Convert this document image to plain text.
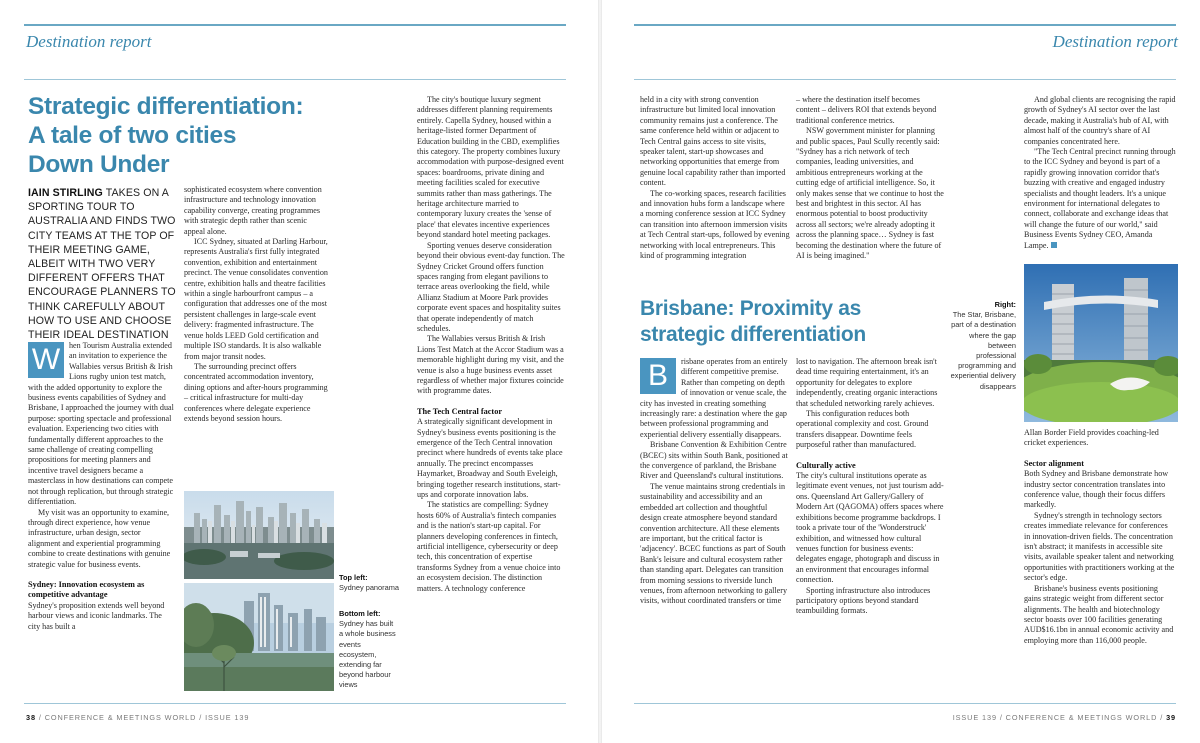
Destination report
Strategic differentiation:
A tale of two cities
Down Under
IAIN STIRLING TAKES ON A SPORTING TOUR TO AUSTRALIA AND FINDS TWO CITY TEAMS AT THE TOP OF THEIR MEETING GAME, ALBEIT WITH TWO VERY DIFFERENT OFFERS THAT ENCOURAGE PLANNERS TO THINK CAREFULLY ABOUT HOW TO USE AND CHOOSE THEIR IDEAL DESTINATION

W	hen Tourism Australia extended an invitation to experience the Wallabies versus British & Irish Lions rugby union test match, with the added opportunity to explore the business events capabilities of Sydney and Brisbane, I approached the journey with dual purpose: sporting spectacle and professional evaluation. Experiencing two cities with fundamentally different approaches to the same challenge of creating compelling propositions for meeting planners and incentive travel designers became a masterclass in how destinations can compete not through replication, but through strategic differentiation.

My visit was an opportunity to examine, through direct experience, how venue infrastructure, urban design, sector alignment and experiential programming combine to create destinations with genuine strategic value for business events.

Sydney: Innovation ecosystem as competitive advantage

Sydney's proposition extends well beyond harbour views and iconic landmarks. The city has built a

sophisticated ecosystem where convention infrastructure and technology innovation capability converge, creating programmes with strategic depth rather than scenic appeal alone.

ICC Sydney, situated at Darling Harbour, represents Australia's first fully integrated convention, exhibition and entertainment precinct. The venue consolidates convention centre, exhibition halls and theatre facilities within a single harbourfront campus – a configuration that addresses one of the most persistent challenges in large-scale event delivery: fragmented infrastructure. The venue holds LEED Gold certification and multiple ISO standards. It is also walkable from major transit nodes.

The surrounding precinct offers concentrated accommodation inventory, dining options and after-hours programming – critical infrastructure for multi-day conferences where delegate experience extends beyond session hours.

Top left:
Sydney panorama
Bottom left:
Sydney has built a whole business events ecosystem, extending far beyond harbour views

The city's boutique luxury segment addresses different planning requirements entirely. Capella Sydney, housed within a heritage-listed former Department of Education building in the CBD, exemplifies this category. The property combines luxury accommodation with purpose-designed event spaces: boardrooms, private dining and meeting facilities scaled for executive summits rather than mass gatherings. The heritage architecture married to contemporary luxury creates the 'sense of place' that elevates incentive experiences beyond standard hotel meeting packages.

Sporting venues deserve consideration beyond their obvious event-day function. The Sydney Cricket Ground offers function spaces ranging from elegant pavilions to terrace areas overlooking the field, while Allianz Stadium at Moore Park provides corporate event spaces and hospitality suites that operate independently of match schedules.

The Wallabies versus British & Irish Lions Test Match at the Accor Stadium was a memorable highlight during my visit, and the venue is also a huge business events asset regardless of whether major fixtures coincide with programme dates.

The Tech Central factor

A strategically significant development in Sydney's business events positioning is the emergence of the Tech Central innovation precinct where hundreds of events take place annually. The precinct encompasses Haymarket, Broadway and South Eveleigh, bringing together research institutions, start-ups and corporate innovation labs.

The statistics are compelling: Sydney hosts 60% of Australia's fintech companies and is the nation's start-up capital. For planners developing conferences in fintech, artificial intelligence, cybersecurity or deep tech, this concentration of expertise transforms Sydney from a venue choice into an ecosystem decision. The distinction matters. A technology conference

38 / CONFERENCE & MEETINGS WORLD / ISSUE 139
Destination report

held in a city with strong convention infrastructure but limited local innovation community remains just a conference. The same conference held within or adjacent to Tech Central gains access to site visits, speaker talent, start-up showcases and networking opportunities that emerge from genuine local capability rather than imported content.

The co-working spaces, research facilities and innovation hubs form a landscape where a morning conference session at ICC Sydney can transition into afternoon immersion visits at Tech Central start-ups, followed by evening networking with local entrepreneurs. This kind of programming integration

– where the destination itself becomes content – delivers ROI that extends beyond traditional conference metrics.

NSW government minister for planning and public spaces, Paul Scully recently said: "Sydney has a rich network of tech companies, leading universities, and ambitious entrepreneurs working at the cutting edge of artificial intelligence. So, it only makes sense that we continue to host the best and brightest in this sector. AI has enormous potential to boost productivity across all sectors; we're already adopting it across the planning space… Sydney is fast becoming the destination where the future of AI is being imagined."

Brisbane: Proximity as
strategic differentiation

B	risbane operates from an entirely different competitive premise. Rather than competing on depth of innovation or venue scale, the city has invested in creating something increasingly rare: a destination where the gap between professional programming and experiential delivery essentially disappears.

Brisbane Convention & Exhibition Centre (BCEC) sits within South Bank, positioned at the convergence of parkland, the Brisbane River and Queensland's cultural institutions.

The venue maintains strong credentials in sustainability and accessibility and an embedded art collection and thoughtful design create atmosphere beyond standard convention architecture. All these elements are important, but the critical factor is 'adjacency'. BCEC functions as part of South Bank's leisure and cultural ecosystem rather than standing apart. Delegates can transition from morning sessions to riverside lunch venues, from afternoon networking to gallery visits, without coordinated transfers or time

lost to navigation. The afternoon break isn't dead time requiring entertainment, it's an opportunity for delegates to explore independently, creating organic interactions that scheduled networking rarely achieves.

This configuration reduces both operational complexity and cost. Ground transfers disappear. Downtime feels purposeful rather than manufactured.

Culturally active

The city's cultural institutions operate as legitimate event venues, not just tourism add-ons. Queensland Art Gallery/Gallery of Modern Art (QAGOMA) offers spaces where exhibitions become programme backdrops. I took a private tour of the 'Wonderstruck' exhibition, and witnessed how cultural venues function for business events: delegates engage, photograph and discuss in an environment that encourages informal connection.

Sporting infrastructure also introduces participatory options beyond standard teambuilding formats.

Right:
The Star, Brisbane, part of a destination where the gap between professional programming and experiential delivery disappears

And global clients are recognising the rapid growth of Sydney's AI sector over the last decade, making it Australia's hub of AI, with almost half of the country's share of AI companies concentrated here.

"The Tech Central precinct running through to the ICC Sydney and beyond is part of a rapidly growing innovation corridor that's buzzing with creative and engaged industry specialists and thought leaders. It's a unique environment for international delegates to connect, collaborate and exchange ideas that will change the future of our world," said Business Events Sydney CEO, Amanda Lampe.

Allan Border Field provides coaching-led cricket experiences.

Sector alignment

Both Sydney and Brisbane demonstrate how industry sector concentration translates into conference value, though their focus differs markedly.

Sydney's strength in technology sectors creates immediate relevance for conferences in innovation-driven fields. The concentration isn't abstract; it manifests in accessible site visits, available speaker talent and networking opportunities with practitioners working at the sector's edge.

Brisbane's business events positioning gains strategic weight from different sector alignments. The health and biotechnology sector boasts over 100 facilities generating AUD$16.1bn in annual economic activity and employing more than 116,000 people.

ISSUE 139 / CONFERENCE & MEETINGS WORLD / 39
